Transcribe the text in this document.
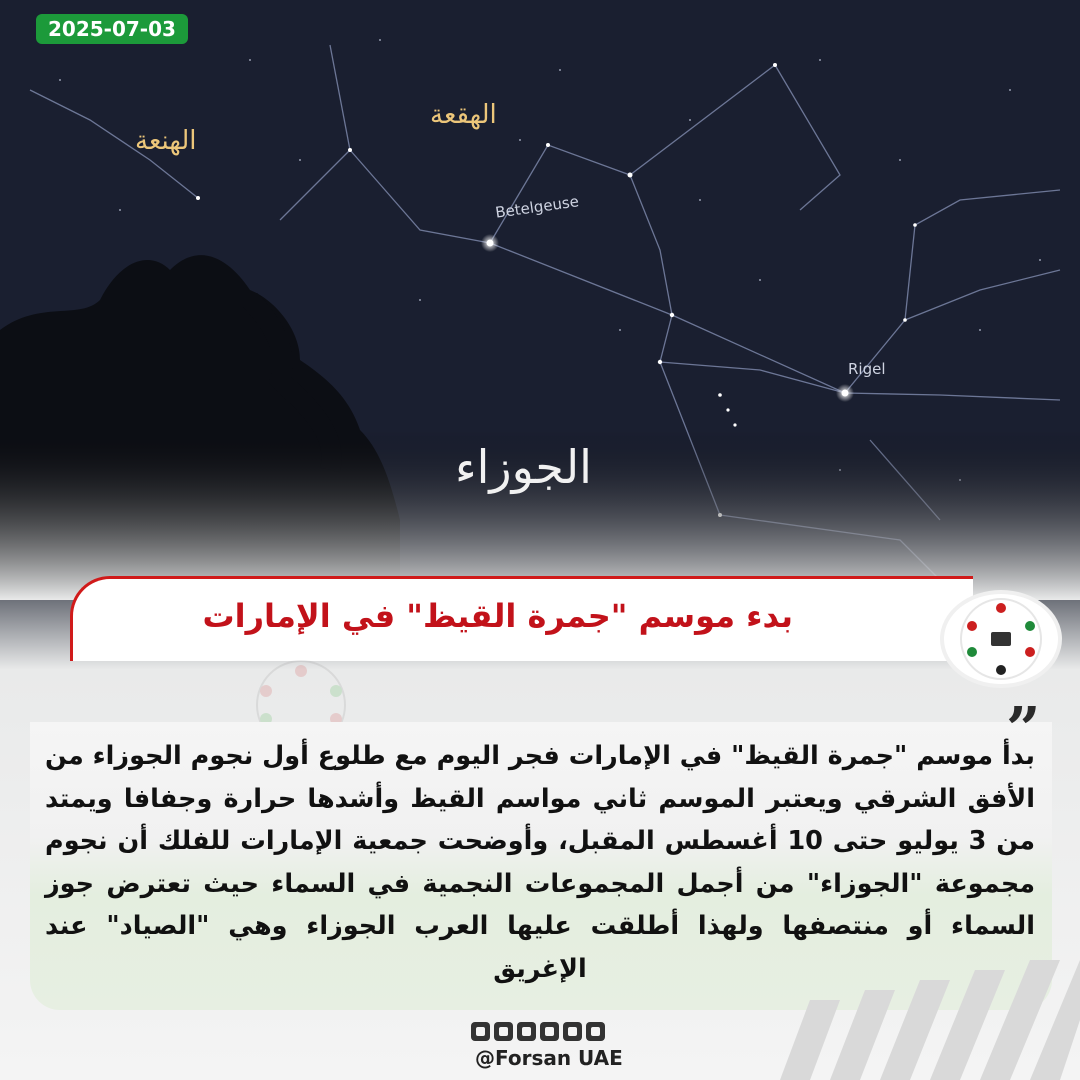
2025-07-03
الهنعة
الهقعة
Betelgeuse
Rigel
الجوزاء
بدء موسم "جمرة القيظ" في الإمارات
”
بدأ موسم "جمرة القيظ" في الإمارات فجر اليوم مع طلوع أول نجوم الجوزاء من الأفق الشرقي ويعتبر الموسم ثاني مواسم القيظ وأشدها حرارة وجفافا ويمتد من 3 يوليو حتى 10 أغسطس المقبل، وأوضحت جمعية الإمارات للفلك أن نجوم مجموعة "الجوزاء" من أجمل المجموعات النجمية في السماء حيث تعترض جوز السماء أو منتصفها ولهذا أطلقت عليها العرب الجوزاء وهي "الصياد" عند الإغريق
@Forsan UAE
